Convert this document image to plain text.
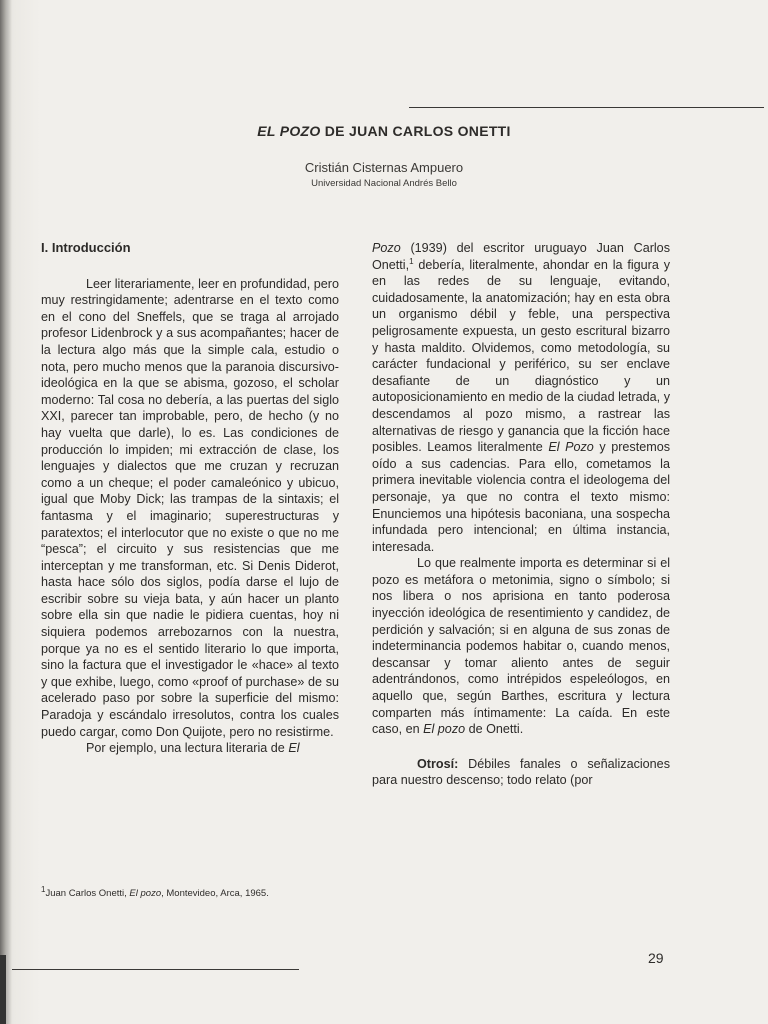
EL POZO DE JUAN CARLOS ONETTI
Cristián Cisternas Ampuero
Universidad Nacional Andrés Bello
I. Introducción

Leer literariamente, leer en profundidad, pero muy restringidamente; adentrarse en el texto como en el cono del Sneffels, que se traga al arrojado profesor Lidenbrock y a sus acompañantes; hacer de la lectura algo más que la simple cala, estudio o nota, pero mucho menos que la paranoia discursivo-ideológica en la que se abisma, gozoso, el scholar moderno: Tal cosa no debería, a las puertas del siglo XXI, parecer tan improbable, pero, de hecho (y no hay vuelta que darle), lo es. Las condiciones de producción lo impiden; mi extracción de clase, los lenguajes y dialectos que me cruzan y recruzan como a un cheque; el poder camaleónico y ubicuo, igual que Moby Dick; las trampas de la sintaxis; el fantasma y el imaginario; superestructuras y paratextos; el interlocutor que no existe o que no me “pesca”; el circuito y sus resistencias que me interceptan y me transforman, etc. Si Denis Diderot, hasta hace sólo dos siglos, podía darse el lujo de escribir sobre su vieja bata, y aún hacer un planto sobre ella sin que nadie le pidiera cuentas, hoy ni siquiera podemos arrebozarnos con la nuestra, porque ya no es el sentido literario lo que importa, sino la factura que el investigador le «hace» al texto y que exhibe, luego, como «proof of purchase» de su acelerado paso por sobre la superficie del mismo: Paradoja y escándalo irresolutos, contra los cuales puedo cargar, como Don Quijote, pero no resistirme.

Por ejemplo, una lectura literaria de El

Pozo (1939) del escritor uruguayo Juan Carlos Onetti,$^1$ debería, literalmente, ahondar en la figura y en las redes de su lenguaje, evitando, cuidadosamente, la anatomización; hay en esta obra un organismo débil y feble, una perspectiva peligrosamente expuesta, un gesto escritural bizarro y hasta maldito. Olvidemos, como metodología, su carácter fundacional y periférico, su ser enclave desafiante de un diagnóstico y un autoposicionamiento en medio de la ciudad letrada, y descendamos al pozo mismo, a rastrear las alternativas de riesgo y ganancia que la ficción hace posibles. Leamos literalmente El Pozo y prestemos oído a sus cadencias. Para ello, cometamos la primera inevitable violencia contra el ideologema del personaje, ya que no contra el texto mismo: Enunciemos una hipótesis baconiana, una sospecha infundada pero intencional; en última instancia, interesada.

Lo que realmente importa es determinar si el pozo es metáfora o metonimia, signo o símbolo; si nos libera o nos aprisiona en tanto poderosa inyección ideológica de resentimiento y candidez, de perdición y salvación; si en alguna de sus zonas de indeterminancia podemos habitar o, cuando menos, descansar y tomar aliento antes de seguir adentrándonos, como intrépidos espeleólogos, en aquello que, según Barthes, escritura y lectura comparten más íntimamente: La caída. En este caso, en El pozo de Onetti.

Otrosí: Débiles fanales o señalizaciones para nuestro descenso; todo relato (por

$^1$Juan Carlos Onetti, El pozo, Montevideo, Arca, 1965.
29
